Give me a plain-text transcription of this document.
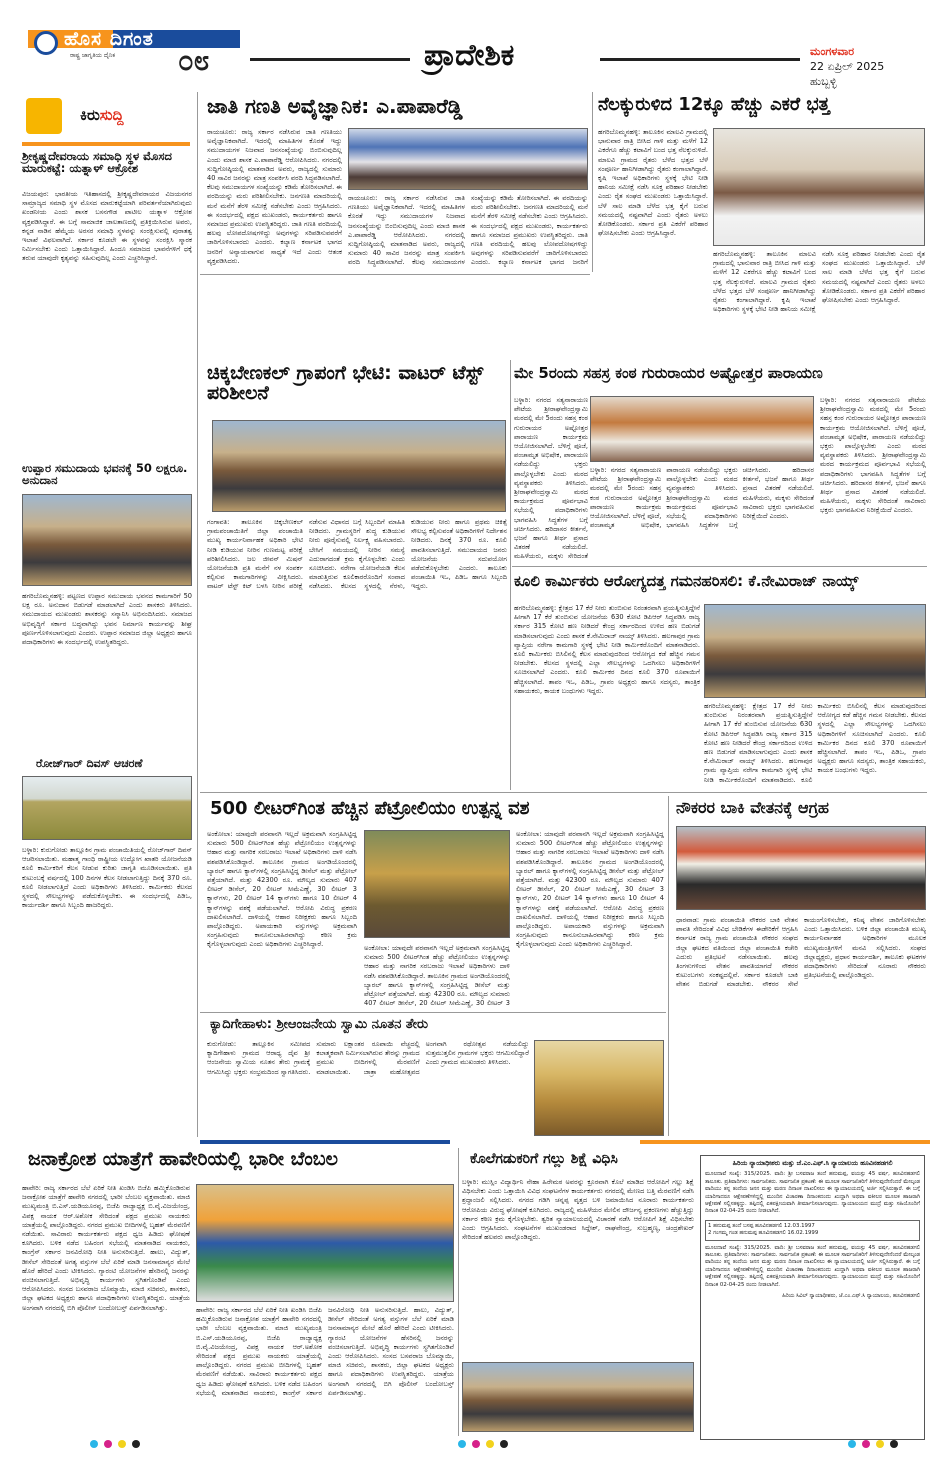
ಹೊಸ ದಿಗಂತ
ರಾಷ್ಟ್ರ ಜಾಗೃತಿಯ ದೈನಿಕ ೦೮	ಪ್ರಾದೇಶಿಕ	ಮಂಗಳವಾರ
22 ಏಪ್ರಿಲ್ 2025
ಹುಬ್ಬಳ್ಳಿ
ಕಿರುಸುದ್ದಿ
ಶ್ರೀಕೃಷ್ಣದೇವರಾಯ ಸಮಾಧಿ ಸ್ಥಳ ಮೊಸದ ಮಾರುಕಟ್ಟೆ: ಯತ್ನಾಳ್ ಆಕ್ರೋಶ
ವಿಜಯಪುರ: ಭಾರತೀಯ ಇತಿಹಾಸದಲ್ಲಿ ಶ್ರೀಕೃಷ್ಣದೇವರಾಯರ ವಿಜಯನಗರ ಸಾಮ್ರಾಜ್ಯದ ಸಮಾಧಿ ಸ್ಥಳ ಮೊಸದ ಮಾರುಕಟ್ಟೆಯಾಗಿ ಪರಿವರ್ತನೆಯಾಗಿರುವುದು ಖಂಡನೀಯ ಎಂದು ಶಾಸಕ ಬಸನಗೌಡ ಪಾಟೀಲ ಯತ್ನಾಳ ಆಕ್ರೋಶ ವ್ಯಕ್ತಪಡಿಸಿದ್ದಾರೆ. ಈ ಬಗ್ಗೆ ಸಾಮಾಜಿಕ ಜಾಲತಾಣದಲ್ಲಿ ಪ್ರತಿಕ್ರಿಯಿಸಿರುವ ಅವರು, ಕನ್ನಡ ನಾಡಿನ ಹೆಮ್ಮೆಯ ಅರಸರ ಸಮಾಧಿ ಸ್ಥಳವನ್ನು ಸಂರಕ್ಷಿಸುವಲ್ಲಿ ಪುರಾತತ್ವ ಇಲಾಖೆ ವಿಫಲವಾಗಿದೆ. ಸರ್ಕಾರ ಕೂಡಲೇ ಈ ಸ್ಥಳವನ್ನು ಸಂರಕ್ಷಿಸಿ ಸ್ಮಾರಕ ನಿರ್ಮಿಸಬೇಕು ಎಂದು ಒತ್ತಾಯಿಸಿದ್ದಾರೆ. ಹಿಂದೂ ಸಮಾಜದ ಭಾವನೆಗಳಿಗೆ ಧಕ್ಕೆ ತರುವ ಯಾವುದೇ ಕೃತ್ಯವನ್ನು ಸಹಿಸುವುದಿಲ್ಲ ಎಂದು ಎಚ್ಚರಿಸಿದ್ದಾರೆ.
ಉಪ್ಪಾರ ಸಮುದಾಯ ಭವನಕ್ಕೆ 50 ಲಕ್ಷರೂ. ಅನುದಾನ
ಹಗರಿಬೊಮ್ಮನಹಳ್ಳಿ: ಪಟ್ಟಣದ ಉಪ್ಪಾರ ಸಮುದಾಯ ಭವನದ ಕಾಮಗಾರಿಗೆ 50 ಲಕ್ಷ ರೂ. ಅನುದಾನ ಬಿಡುಗಡೆ ಮಾಡಲಾಗಿದೆ ಎಂದು ಶಾಸಕರು ತಿಳಿಸಿದರು. ಸಮುದಾಯದ ಮುಖಂಡರು ಶಾಸಕರನ್ನು ಸನ್ಮಾನಿಸಿ ಅಭಿನಂದಿಸಿದರು. ಸಮಾಜದ ಅಭಿವೃದ್ಧಿಗೆ ಸರ್ಕಾರ ಬದ್ಧವಾಗಿದ್ದು ಭವನ ನಿರ್ಮಾಣ ಕಾರ್ಯವನ್ನು ಶೀಘ್ರ ಪೂರ್ಣಗೊಳಿಸಲಾಗುವುದು ಎಂದರು. ಉಪ್ಪಾರ ಸಮಾಜದ ಜಿಲ್ಲಾ ಅಧ್ಯಕ್ಷರು ಹಾಗೂ ಪದಾಧಿಕಾರಿಗಳು ಈ ಸಂದರ್ಭದಲ್ಲಿ ಉಪಸ್ಥಿತರಿದ್ದರು.
ರೋಜ್‌ಗಾರ್ ದಿವಸ್ ಆಚರಣೆ
ಬಳ್ಳಾರಿ: ಕುರುಗೋಡು ತಾಲ್ಲೂಕಿನ ಗ್ರಾಮ ಪಂಚಾಯಿತಿಯಲ್ಲಿ ರೋಜ್‌ಗಾರ್ ದಿವಸ್ ಆಚರಿಸಲಾಯಿತು. ಮಹಾತ್ಮ ಗಾಂಧಿ ರಾಷ್ಟ್ರೀಯ ಉದ್ಯೋಗ ಖಾತರಿ ಯೋಜನೆಯಡಿ ಕೂಲಿ ಕಾರ್ಮಿಕರಿಗೆ ಕೆಲಸ ನೀಡುವ ಕುರಿತು ಜಾಗೃತಿ ಮೂಡಿಸಲಾಯಿತು. ಪ್ರತಿ ಕುಟುಂಬಕ್ಕೆ ವರ್ಷದಲ್ಲಿ 100 ದಿನಗಳ ಕೆಲಸ ನೀಡಲಾಗುತ್ತಿದ್ದು ದಿನಕ್ಕೆ 370 ರೂ. ಕೂಲಿ ನೀಡಲಾಗುತ್ತಿದೆ ಎಂದು ಅಧಿಕಾರಿಗಳು ತಿಳಿಸಿದರು. ಕಾರ್ಮಿಕರು ಕೆಲಸದ ಸ್ಥಳದಲ್ಲಿ ಸೌಲಭ್ಯಗಳನ್ನು ಪಡೆದುಕೊಳ್ಳಬೇಕು. ಈ ಸಂದರ್ಭದಲ್ಲಿ ಪಿಡಿಒ, ಕಾರ್ಯದರ್ಶಿ ಹಾಗೂ ಸಿಬ್ಬಂದಿ ಹಾಜರಿದ್ದರು.
ಜಾತಿ ಗಣತಿ ಅವೈಜ್ಞಾನಿಕ: ಎ.ಪಾಪಾರೆಡ್ಡಿ
ರಾಯಚೂರು: ರಾಜ್ಯ ಸರ್ಕಾರ ನಡೆಸಿರುವ ಜಾತಿ ಗಣತಿಯು ಅವೈಜ್ಞಾನಿಕವಾಗಿದೆ. ಇದರಲ್ಲಿ ಮಾಹಿತಿಗಳ ಕೊರತೆ ಇದ್ದು ಸಮುದಾಯಗಳ ನಿಜವಾದ ಜನಸಂಖ್ಯೆಯನ್ನು ಬಿಂಬಿಸುವುದಿಲ್ಲ ಎಂದು ಮಾಜಿ ಶಾಸಕ ಎ.ಪಾಪಾರೆಡ್ಡಿ ಆರೋಪಿಸಿದರು. ನಗರದಲ್ಲಿ ಸುದ್ದಿಗೋಷ್ಠಿಯಲ್ಲಿ ಮಾತನಾಡಿದ ಅವರು, ರಾಜ್ಯದಲ್ಲಿ ಸುಮಾರು 40 ಸಾವಿರ ಜನರನ್ನು ಮಾತ್ರ ಸಂಪರ್ಕಿಸಿ ವರದಿ ಸಿದ್ಧಪಡಿಸಲಾಗಿದೆ. ಕೆಲವು ಸಮುದಾಯಗಳ ಸಂಖ್ಯೆಯನ್ನು ಕಡಿಮೆ ತೋರಿಸಲಾಗಿದೆ. ಈ ವರದಿಯನ್ನು ಮರು ಪರಿಶೀಲಿಸಬೇಕು. ಜನಗಣತಿ ಮಾದರಿಯಲ್ಲಿ ಮನೆ ಮನೆಗೆ ತೆರಳಿ ಸಮೀಕ್ಷೆ ನಡೆಸಬೇಕು ಎಂದು ಆಗ್ರಹಿಸಿದರು. ಈ ಸಂದರ್ಭದಲ್ಲಿ ಪಕ್ಷದ ಮುಖಂಡರು, ಕಾರ್ಯಕರ್ತರು ಹಾಗೂ ಸಮಾಜದ ಪ್ರಮುಖರು ಉಪಸ್ಥಿತರಿದ್ದರು. ಜಾತಿ ಗಣತಿ ವರದಿಯಲ್ಲಿ ಹಲವು ಲೋಪದೋಷಗಳಿದ್ದು ಅವುಗಳನ್ನು ಸರಿಪಡಿಸುವವರೆಗೆ ಜಾರಿಗೊಳಿಸಬಾರದು ಎಂದರು. ಕಲ್ಯಾಣ ಕರ್ನಾಟಕ ಭಾಗದ ಜನರಿಗೆ ಅನ್ಯಾಯವಾಗುವ ಸಾಧ್ಯತೆ ಇದೆ ಎಂದು ಆತಂಕ ವ್ಯಕ್ತಪಡಿಸಿದರು.
ರಾಯಚೂರು: ರಾಜ್ಯ ಸರ್ಕಾರ ನಡೆಸಿರುವ ಜಾತಿ ಗಣತಿಯು ಅವೈಜ್ಞಾನಿಕವಾಗಿದೆ. ಇದರಲ್ಲಿ ಮಾಹಿತಿಗಳ ಕೊರತೆ ಇದ್ದು ಸಮುದಾಯಗಳ ನಿಜವಾದ ಜನಸಂಖ್ಯೆಯನ್ನು ಬಿಂಬಿಸುವುದಿಲ್ಲ ಎಂದು ಮಾಜಿ ಶಾಸಕ ಎ.ಪಾಪಾರೆಡ್ಡಿ ಆರೋಪಿಸಿದರು. ನಗರದಲ್ಲಿ ಸುದ್ದಿಗೋಷ್ಠಿಯಲ್ಲಿ ಮಾತನಾಡಿದ ಅವರು, ರಾಜ್ಯದಲ್ಲಿ ಸುಮಾರು 40 ಸಾವಿರ ಜನರನ್ನು ಮಾತ್ರ ಸಂಪರ್ಕಿಸಿ ವರದಿ ಸಿದ್ಧಪಡಿಸಲಾಗಿದೆ. ಕೆಲವು ಸಮುದಾಯಗಳ ಸಂಖ್ಯೆಯನ್ನು ಕಡಿಮೆ ತೋರಿಸಲಾಗಿದೆ. ಈ ವರದಿಯನ್ನು ಮರು ಪರಿಶೀಲಿಸಬೇಕು. ಜನಗಣತಿ ಮಾದರಿಯಲ್ಲಿ ಮನೆ ಮನೆಗೆ ತೆರಳಿ ಸಮೀಕ್ಷೆ ನಡೆಸಬೇಕು ಎಂದು ಆಗ್ರಹಿಸಿದರು. ಈ ಸಂದರ್ಭದಲ್ಲಿ ಪಕ್ಷದ ಮುಖಂಡರು, ಕಾರ್ಯಕರ್ತರು ಹಾಗೂ ಸಮಾಜದ ಪ್ರಮುಖರು ಉಪಸ್ಥಿತರಿದ್ದರು. ಜಾತಿ ಗಣತಿ ವರದಿಯಲ್ಲಿ ಹಲವು ಲೋಪದೋಷಗಳಿದ್ದು ಅವುಗಳನ್ನು ಸರಿಪಡಿಸುವವರೆಗೆ ಜಾರಿಗೊಳಿಸಬಾರದು ಎಂದರು. ಕಲ್ಯಾಣ ಕರ್ನಾಟಕ ಭಾಗದ ಜನರಿಗೆ
ನೆಲಕ್ಕುರುಳಿದ 12ಕ್ಕೂ ಹೆಚ್ಚು ಎಕರೆ ಭತ್ತ
ಹಗರಿಬೊಮ್ಮನಹಳ್ಳಿ: ತಾಲೂಕಿನ ಮಾಲವಿ ಗ್ರಾಮದಲ್ಲಿ ಭಾನುವಾರ ರಾತ್ರಿ ಬೀಸಿದ ಗಾಳಿ ಮತ್ತು ಮಳೆಗೆ 12 ಎಕರೆಗೂ ಹೆಚ್ಚು ಕಟಾವಿಗೆ ಬಂದ ಭತ್ತ ನೆಲಕ್ಕುರುಳಿದೆ. ಮಾಲವಿ ಗ್ರಾಮದ ರೈತರು ಬೆಳೆದ ಭತ್ತದ ಬೆಳೆ ಸಂಪೂರ್ಣ ಹಾನಿಗೀಡಾಗಿದ್ದು ರೈತರು ಕಂಗಾಲಾಗಿದ್ದಾರೆ. ಕೃಷಿ ಇಲಾಖೆ ಅಧಿಕಾರಿಗಳು ಸ್ಥಳಕ್ಕೆ ಭೇಟಿ ನೀಡಿ ಹಾನಿಯ ಸಮೀಕ್ಷೆ ನಡೆಸಿ ಸೂಕ್ತ ಪರಿಹಾರ ನೀಡಬೇಕು ಎಂದು ರೈತ ಸಂಘದ ಮುಖಂಡರು ಒತ್ತಾಯಿಸಿದ್ದಾರೆ. ಬೆಳೆ ಸಾಲ ಮಾಡಿ ಬೆಳೆದ ಭತ್ತ ಕೈಗೆ ಬರುವ ಸಮಯದಲ್ಲಿ ನಷ್ಟವಾಗಿದೆ ಎಂದು ರೈತರು ಅಳಲು ತೋಡಿಕೊಂಡರು. ಸರ್ಕಾರ ಪ್ರತಿ ಎಕರೆಗೆ ಪರಿಹಾರ ಘೋಷಿಸಬೇಕು ಎಂದು ಆಗ್ರಹಿಸಿದ್ದಾರೆ.
ಹಗರಿಬೊಮ್ಮನಹಳ್ಳಿ: ತಾಲೂಕಿನ ಮಾಲವಿ ಗ್ರಾಮದಲ್ಲಿ ಭಾನುವಾರ ರಾತ್ರಿ ಬೀಸಿದ ಗಾಳಿ ಮತ್ತು ಮಳೆಗೆ 12 ಎಕರೆಗೂ ಹೆಚ್ಚು ಕಟಾವಿಗೆ ಬಂದ ಭತ್ತ ನೆಲಕ್ಕುರುಳಿದೆ. ಮಾಲವಿ ಗ್ರಾಮದ ರೈತರು ಬೆಳೆದ ಭತ್ತದ ಬೆಳೆ ಸಂಪೂರ್ಣ ಹಾನಿಗೀಡಾಗಿದ್ದು ರೈತರು ಕಂಗಾಲಾಗಿದ್ದಾರೆ. ಕೃಷಿ ಇಲಾಖೆ ಅಧಿಕಾರಿಗಳು ಸ್ಥಳಕ್ಕೆ ಭೇಟಿ ನೀಡಿ ಹಾನಿಯ ಸಮೀಕ್ಷೆ ನಡೆಸಿ ಸೂಕ್ತ ಪರಿಹಾರ ನೀಡಬೇಕು ಎಂದು ರೈತ ಸಂಘದ ಮುಖಂಡರು ಒತ್ತಾಯಿಸಿದ್ದಾರೆ. ಬೆಳೆ ಸಾಲ ಮಾಡಿ ಬೆಳೆದ ಭತ್ತ ಕೈಗೆ ಬರುವ ಸಮಯದಲ್ಲಿ ನಷ್ಟವಾಗಿದೆ ಎಂದು ರೈತರು ಅಳಲು ತೋಡಿಕೊಂಡರು. ಸರ್ಕಾರ ಪ್ರತಿ ಎಕರೆಗೆ ಪರಿಹಾರ ಘೋಷಿಸಬೇಕು ಎಂದು ಆಗ್ರಹಿಸಿದ್ದಾರೆ.
ಚಿಕ್ಕಬೇಣಕಲ್ ಗ್ರಾಪಂಗೆ ಭೇಟಿ: ವಾಟರ್ ಟೆಸ್ಟ್ ಪರಿಶೀಲನೆ
ಗಂಗಾವತಿ: ತಾಲೂಕಿನ ಚಿಕ್ಕಬೇಣಕಲ್ ಗ್ರಾಮಪಂಚಾಯಿತಿಗೆ ಜಿಲ್ಲಾ ಪಂಚಾಯಿತಿ ಮುಖ್ಯ ಕಾರ್ಯನಿರ್ವಾಹಕ ಅಧಿಕಾರಿ ಭೇಟಿ ನೀಡಿ ಕುಡಿಯುವ ನೀರಿನ ಗುಣಮಟ್ಟ ಪರೀಕ್ಷೆ ಪರಿಶೀಲಿಸಿದರು. ಜಲ ಜೀವನ್ ಮಿಷನ್ ಯೋಜನೆಯಡಿ ಪ್ರತಿ ಮನೆಗೆ ನಳ ಸಂಪರ್ಕ ಕಲ್ಪಿಸುವ ಕಾಮಗಾರಿಗಳನ್ನು ವೀಕ್ಷಿಸಿದರು. ವಾಟರ್ ಟೆಸ್ಟ್ ಕಿಟ್ ಬಳಸಿ ನೀರಿನ ಪರೀಕ್ಷೆ ನಡೆಸುವ ವಿಧಾನದ ಬಗ್ಗೆ ಸಿಬ್ಬಂದಿಗೆ ಮಾಹಿತಿ ನೀಡಿದರು. ಗ್ರಾಮಸ್ಥರಿಗೆ ಶುದ್ಧ ಕುಡಿಯುವ ನೀರು ಪೂರೈಸುವಲ್ಲಿ ನಿರ್ಲಕ್ಷ್ಯ ವಹಿಸಬಾರದು. ಬೇಸಿಗೆ ಸಮಯದಲ್ಲಿ ನೀರಿನ ಸಮಸ್ಯೆ ಎದುರಾಗದಂತೆ ಕ್ರಮ ಕೈಗೊಳ್ಳಬೇಕು ಎಂದು ಸೂಚಿಸಿದರು. ನರೇಗಾ ಯೋಜನೆಯಡಿ ಕೆಲಸ ಮಾಡುತ್ತಿರುವ ಕೂಲಿಕಾರರೊಂದಿಗೆ ಸಂವಾದ ನಡೆಸಿದರು. ಕೆಲಸದ ಸ್ಥಳದಲ್ಲಿ ನೆರಳು, ಕುಡಿಯುವ ನೀರು ಹಾಗೂ ಪ್ರಥಮ ಚಿಕಿತ್ಸೆ ಸೌಲಭ್ಯ ಕಲ್ಪಿಸುವಂತೆ ಅಧಿಕಾರಿಗಳಿಗೆ ನಿರ್ದೇಶನ ನೀಡಿದರು. ದಿನಕ್ಕೆ 370 ರೂ. ಕೂಲಿ ಪಾವತಿಸಲಾಗುತ್ತಿದೆ. ಸಮುದಾಯದ ಜನರು ಯೋಜನೆಯ ಸದುಪಯೋಗ ಪಡೆದುಕೊಳ್ಳಬೇಕು ಎಂದರು. ತಾಲೂಕು ಪಂಚಾಯಿತಿ ಇಒ, ಪಿಡಿಒ ಹಾಗೂ ಸಿಬ್ಬಂದಿ ಇದ್ದರು.
ಮೇ 5ರಂದು ಸಹಸ್ರ ಕಂಠ ಗುರುರಾಯರ ಅಷ್ಟೋತ್ತರ ಪಾರಾಯಣ
ಬಳ್ಳಾರಿ: ನಗರದ ಸತ್ಯನಾರಾಯಣ ಪೇಟೆಯ ಶ್ರೀರಾಘವೇಂದ್ರಸ್ವಾಮಿ ಮಠದಲ್ಲಿ ಮೇ 5ರಂದು ಸಹಸ್ರ ಕಂಠ ಗುರುರಾಯರ ಅಷ್ಟೋತ್ತರ ಪಾರಾಯಣ ಕಾರ್ಯಕ್ರಮ ಆಯೋಜಿಸಲಾಗಿದೆ. ಬೆಳಿಗ್ಗೆ ಪೂಜೆ, ಪಂಚಾಮೃತ ಅಭಿಷೇಕ, ಪಾರಾಯಣ ನಡೆಯಲಿದ್ದು ಭಕ್ತರು ಪಾಲ್ಗೊಳ್ಳಬೇಕು ಎಂದು ಮಠದ ವ್ಯವಸ್ಥಾಪಕರು ತಿಳಿಸಿದರು. ಶ್ರೀರಾಘವೇಂದ್ರಸ್ವಾಮಿ ಮಠದ ಕಾರ್ಯಕ್ರಮದ ಪೂರ್ವಭಾವಿ ಸಭೆಯಲ್ಲಿ ಪದಾಧಿಕಾರಿಗಳು ಭಾಗವಹಿಸಿ ಸಿದ್ಧತೆಗಳ ಬಗ್ಗೆ ಚರ್ಚಿಸಿದರು. ಹರಿದಾಸರ ಕೀರ್ತನೆ, ಭಜನೆ ಹಾಗೂ ತೀರ್ಥ ಪ್ರಸಾದ ವಿತರಣೆ ನಡೆಯಲಿದೆ. ಮಹಿಳೆಯರು, ಮಕ್ಕಳು ಸೇರಿದಂತೆ
ಬಳ್ಳಾರಿ: ನಗರದ ಸತ್ಯನಾರಾಯಣ ಪೇಟೆಯ ಶ್ರೀರಾಘವೇಂದ್ರಸ್ವಾಮಿ ಮಠದಲ್ಲಿ ಮೇ 5ರಂದು ಸಹಸ್ರ ಕಂಠ ಗುರುರಾಯರ ಅಷ್ಟೋತ್ತರ ಪಾರಾಯಣ ಕಾರ್ಯಕ್ರಮ ಆಯೋಜಿಸಲಾಗಿದೆ. ಬೆಳಿಗ್ಗೆ ಪೂಜೆ, ಪಂಚಾಮೃತ ಅಭಿಷೇಕ, ಪಾರಾಯಣ ನಡೆಯಲಿದ್ದು ಭಕ್ತರು ಪಾಲ್ಗೊಳ್ಳಬೇಕು ಎಂದು ಮಠದ ವ್ಯವಸ್ಥಾಪಕರು ತಿಳಿಸಿದರು. ಶ್ರೀರಾಘವೇಂದ್ರಸ್ವಾಮಿ ಮಠದ ಕಾರ್ಯಕ್ರಮದ ಪೂರ್ವಭಾವಿ ಸಭೆಯಲ್ಲಿ ಪದಾಧಿಕಾರಿಗಳು ಭಾಗವಹಿಸಿ ಸಿದ್ಧತೆಗಳ ಬಗ್ಗೆ ಚರ್ಚಿಸಿದರು. ಹರಿದಾಸರ ಕೀರ್ತನೆ, ಭಜನೆ ಹಾಗೂ ತೀರ್ಥ ಪ್ರಸಾದ ವಿತರಣೆ ನಡೆಯಲಿದೆ. ಮಹಿಳೆಯರು, ಮಕ್ಕಳು ಸೇರಿದಂತೆ ಸಾವಿರಾರು ಭಕ್ತರು ಭಾಗವಹಿಸುವ ನಿರೀಕ್ಷೆಯಿದೆ ಎಂದರು.
ಬಳ್ಳಾರಿ: ನಗರದ ಸತ್ಯನಾರಾಯಣ ಪೇಟೆಯ ಶ್ರೀರಾಘವೇಂದ್ರಸ್ವಾಮಿ ಮಠದಲ್ಲಿ ಮೇ 5ರಂದು ಸಹಸ್ರ ಕಂಠ ಗುರುರಾಯರ ಅಷ್ಟೋತ್ತರ ಪಾರಾಯಣ ಕಾರ್ಯಕ್ರಮ ಆಯೋಜಿಸಲಾಗಿದೆ. ಬೆಳಿಗ್ಗೆ ಪೂಜೆ, ಪಂಚಾಮೃತ ಅಭಿಷೇಕ, ಪಾರಾಯಣ ನಡೆಯಲಿದ್ದು ಭಕ್ತರು ಪಾಲ್ಗೊಳ್ಳಬೇಕು ಎಂದು ಮಠದ ವ್ಯವಸ್ಥಾಪಕರು ತಿಳಿಸಿದರು. ಶ್ರೀರಾಘವೇಂದ್ರಸ್ವಾಮಿ ಮಠದ ಕಾರ್ಯಕ್ರಮದ ಪೂರ್ವಭಾವಿ ಸಭೆಯಲ್ಲಿ ಪದಾಧಿಕಾರಿಗಳು ಭಾಗವಹಿಸಿ ಸಿದ್ಧತೆಗಳ ಬಗ್ಗೆ ಚರ್ಚಿಸಿದರು. ಹರಿದಾಸರ ಕೀರ್ತನೆ, ಭಜನೆ ಹಾಗೂ ತೀರ್ಥ ಪ್ರಸಾದ ವಿತರಣೆ ನಡೆಯಲಿದೆ. ಮಹಿಳೆಯರು, ಮಕ್ಕಳು ಸೇರಿದಂತೆ ಸಾವಿರಾರು ಭಕ್ತರು ಭಾಗವಹಿಸುವ ನಿರೀಕ್ಷೆಯಿದೆ ಎಂದರು.
ಕೂಲಿ ಕಾರ್ಮಿಕರು ಆರೋಗ್ಯದತ್ತ ಗಮನಹರಿಸಲಿ: ಕೆ.ನೇಮಿರಾಜ್ ನಾಯ್ಕ್
ಹಗರಿಬೊಮ್ಮನಹಳ್ಳಿ: ಕ್ಷೇತ್ರದ 17 ಕೆರೆ ನೀರು ತುಂಬಿಸುವ ನಿರಂತರವಾಗಿ ಪ್ರಯತ್ನಿಸುತ್ತಿದ್ದೇನೆ ಹೀಗಾಗಿ 17 ಕೆರೆ ತುಂಬಿಸುವ ಯೋಜನೆಯ 630 ಕೋಟಿ ಡಿಪಿಆರ್ ಸಿದ್ಧಪಡಿಸಿ ರಾಜ್ಯ ಸರ್ಕಾರ 315 ಕೋಟಿ ಹಣ ನೀಡಿದರೆ ಕೇಂದ್ರ ಸರ್ಕಾರದಿಂದ ಉಳಿದ ಹಣ ಬಿಡುಗಡೆ ಮಾಡಿಸಲಾಗುವುದು ಎಂದು ಶಾಸಕ ಕೆ.ನೇಮಿರಾಜ್ ನಾಯ್ಕ್ ತಿಳಿಸಿದರು. ಹಲಗಾಪುರ ಗ್ರಾಮ ವ್ಯಾಪ್ತಿಯ ನರೇಗಾ ಕಾಮಗಾರಿ ಸ್ಥಳಕ್ಕೆ ಭೇಟಿ ನೀಡಿ ಕಾರ್ಮಿಕರೊಂದಿಗೆ ಮಾತನಾಡಿದರು. ಕೂಲಿ ಕಾರ್ಮಿಕರು ಬಿಸಿಲಿನಲ್ಲಿ ಕೆಲಸ ಮಾಡುವುದರಿಂದ ಆರೋಗ್ಯದ ಕಡೆ ಹೆಚ್ಚಿನ ಗಮನ ನೀಡಬೇಕು. ಕೆಲಸದ ಸ್ಥಳದಲ್ಲಿ ಎಲ್ಲಾ ಸೌಲಭ್ಯಗಳನ್ನು ಒದಗಿಸಲು ಅಧಿಕಾರಿಗಳಿಗೆ ಸೂಚಿಸಲಾಗಿದೆ ಎಂದರು. ಕೂಲಿ ಕಾರ್ಮಿಕರ ದಿನದ ಕೂಲಿ 370 ರೂಪಾಯಿಗೆ ಹೆಚ್ಚಿಸಲಾಗಿದೆ. ತಾಪಂ ಇಒ, ಪಿಡಿಒ, ಗ್ರಾಪಂ ಅಧ್ಯಕ್ಷರು ಹಾಗೂ ಸದಸ್ಯರು, ತಾಂತ್ರಿಕ ಸಹಾಯಕರು, ಕಾಯಕ ಬಂಧುಗಳು ಇದ್ದರು.
ಹಗರಿಬೊಮ್ಮನಹಳ್ಳಿ: ಕ್ಷೇತ್ರದ 17 ಕೆರೆ ನೀರು ತುಂಬಿಸುವ ನಿರಂತರವಾಗಿ ಪ್ರಯತ್ನಿಸುತ್ತಿದ್ದೇನೆ ಹೀಗಾಗಿ 17 ಕೆರೆ ತುಂಬಿಸುವ ಯೋಜನೆಯ 630 ಕೋಟಿ ಡಿಪಿಆರ್ ಸಿದ್ಧಪಡಿಸಿ ರಾಜ್ಯ ಸರ್ಕಾರ 315 ಕೋಟಿ ಹಣ ನೀಡಿದರೆ ಕೇಂದ್ರ ಸರ್ಕಾರದಿಂದ ಉಳಿದ ಹಣ ಬಿಡುಗಡೆ ಮಾಡಿಸಲಾಗುವುದು ಎಂದು ಶಾಸಕ ಕೆ.ನೇಮಿರಾಜ್ ನಾಯ್ಕ್ ತಿಳಿಸಿದರು. ಹಲಗಾಪುರ ಗ್ರಾಮ ವ್ಯಾಪ್ತಿಯ ನರೇಗಾ ಕಾಮಗಾರಿ ಸ್ಥಳಕ್ಕೆ ಭೇಟಿ ನೀಡಿ ಕಾರ್ಮಿಕರೊಂದಿಗೆ ಮಾತನಾಡಿದರು. ಕೂಲಿ ಕಾರ್ಮಿಕರು ಬಿಸಿಲಿನಲ್ಲಿ ಕೆಲಸ ಮಾಡುವುದರಿಂದ ಆರೋಗ್ಯದ ಕಡೆ ಹೆಚ್ಚಿನ ಗಮನ ನೀಡಬೇಕು. ಕೆಲಸದ ಸ್ಥಳದಲ್ಲಿ ಎಲ್ಲಾ ಸೌಲಭ್ಯಗಳನ್ನು ಒದಗಿಸಲು ಅಧಿಕಾರಿಗಳಿಗೆ ಸೂಚಿಸಲಾಗಿದೆ ಎಂದರು. ಕೂಲಿ ಕಾರ್ಮಿಕರ ದಿನದ ಕೂಲಿ 370 ರೂಪಾಯಿಗೆ ಹೆಚ್ಚಿಸಲಾಗಿದೆ. ತಾಪಂ ಇಒ, ಪಿಡಿಒ, ಗ್ರಾಪಂ ಅಧ್ಯಕ್ಷರು ಹಾಗೂ ಸದಸ್ಯರು, ತಾಂತ್ರಿಕ ಸಹಾಯಕರು, ಕಾಯಕ ಬಂಧುಗಳು ಇದ್ದರು.
500 ಲೀಟರ್‌ಗಿಂತ ಹೆಚ್ಚಿನ ಪೆಟ್ರೋಲಿಯಂ ಉತ್ಪನ್ನ ವಶ
ಅಂಕೋಲಾ: ಯಾವುದೇ ಪರವಾನಗಿ ಇಲ್ಲದೆ ಅಕ್ರಮವಾಗಿ ಸಂಗ್ರಹಿಸಿಟ್ಟಿದ್ದ ಸುಮಾರು 500 ಲೀಟರ್‌ಗಿಂತ ಹೆಚ್ಚು ಪೆಟ್ರೋಲಿಯಂ ಉತ್ಪನ್ನಗಳನ್ನು ಆಹಾರ ಮತ್ತು ನಾಗರಿಕ ಸರಬರಾಜು ಇಲಾಖೆ ಅಧಿಕಾರಿಗಳು ದಾಳಿ ನಡೆಸಿ ವಶಪಡಿಸಿಕೊಂಡಿದ್ದಾರೆ. ತಾಲೂಕಿನ ಗ್ರಾಮದ ಅಂಗಡಿಯೊಂದರಲ್ಲಿ ಬ್ಯಾರಲ್ ಹಾಗೂ ಕ್ಯಾನ್‌ಗಳಲ್ಲಿ ಸಂಗ್ರಹಿಸಿಟ್ಟಿದ್ದ ಡೀಸೆಲ್ ಮತ್ತು ಪೆಟ್ರೋಲ್ ಪತ್ತೆಯಾಗಿದೆ. ಮತ್ತು 42300 ರೂ. ಮೌಲ್ಯದ ಸುಮಾರು 407 ಲೀಟರ್ ಡೀಸೆಲ್, 20 ಲೀಟರ್ ಸೀಮೆಎಣ್ಣೆ, 30 ಲೀಟರ್ 3 ಕ್ಯಾನ್‌ಗಳು, 20 ಲೀಟರ್ 14 ಕ್ಯಾನ್‌ಗಳು ಹಾಗೂ 10 ಲೀಟರ್ 4 ಕ್ಯಾನ್‌ಗಳನ್ನು ವಶಕ್ಕೆ ಪಡೆಯಲಾಗಿದೆ. ಆರೋಪಿ ವಿರುದ್ಧ ಪ್ರಕರಣ ದಾಖಲಿಸಲಾಗಿದೆ. ದಾಳಿಯಲ್ಲಿ ಆಹಾರ ನಿರೀಕ್ಷಕರು ಹಾಗೂ ಸಿಬ್ಬಂದಿ ಪಾಲ್ಗೊಂಡಿದ್ದರು. ಅಪಾಯಕಾರಿ ವಸ್ತುಗಳನ್ನು ಅಕ್ರಮವಾಗಿ ಸಂಗ್ರಹಿಸುವುದು ಕಾನೂನುಬಾಹಿರವಾಗಿದ್ದು ಕಠಿಣ ಕ್ರಮ ಕೈಗೊಳ್ಳಲಾಗುವುದು ಎಂದು ಅಧಿಕಾರಿಗಳು ಎಚ್ಚರಿಸಿದ್ದಾರೆ.	ಅಂಕೋಲಾ: ಯಾವುದೇ ಪರವಾನಗಿ ಇಲ್ಲದೆ ಅಕ್ರಮವಾಗಿ ಸಂಗ್ರಹಿಸಿಟ್ಟಿದ್ದ ಸುಮಾರು 500 ಲೀಟರ್‌ಗಿಂತ ಹೆಚ್ಚು ಪೆಟ್ರೋಲಿಯಂ ಉತ್ಪನ್ನಗಳನ್ನು ಆಹಾರ ಮತ್ತು ನಾಗರಿಕ ಸರಬರಾಜು ಇಲಾಖೆ ಅಧಿಕಾರಿಗಳು ದಾಳಿ ನಡೆಸಿ ವಶಪಡಿಸಿಕೊಂಡಿದ್ದಾರೆ. ತಾಲೂಕಿನ ಗ್ರಾಮದ ಅಂಗಡಿಯೊಂದರಲ್ಲಿ ಬ್ಯಾರಲ್ ಹಾಗೂ ಕ್ಯಾನ್‌ಗಳಲ್ಲಿ ಸಂಗ್ರಹಿಸಿಟ್ಟಿದ್ದ ಡೀಸೆಲ್ ಮತ್ತು ಪೆಟ್ರೋಲ್ ಪತ್ತೆಯಾಗಿದೆ. ಮತ್ತು 42300 ರೂ. ಮೌಲ್ಯದ ಸುಮಾರು 407 ಲೀಟರ್ ಡೀಸೆಲ್, 20 ಲೀಟರ್ ಸೀಮೆಎಣ್ಣೆ, 30 ಲೀಟರ್ 3
ಅಂಕೋಲಾ: ಯಾವುದೇ ಪರವಾನಗಿ ಇಲ್ಲದೆ ಅಕ್ರಮವಾಗಿ ಸಂಗ್ರಹಿಸಿಟ್ಟಿದ್ದ ಸುಮಾರು 500 ಲೀಟರ್‌ಗಿಂತ ಹೆಚ್ಚು ಪೆಟ್ರೋಲಿಯಂ ಉತ್ಪನ್ನಗಳನ್ನು ಆಹಾರ ಮತ್ತು ನಾಗರಿಕ ಸರಬರಾಜು ಇಲಾಖೆ ಅಧಿಕಾರಿಗಳು ದಾಳಿ ನಡೆಸಿ ವಶಪಡಿಸಿಕೊಂಡಿದ್ದಾರೆ. ತಾಲೂಕಿನ ಗ್ರಾಮದ ಅಂಗಡಿಯೊಂದರಲ್ಲಿ ಬ್ಯಾರಲ್ ಹಾಗೂ ಕ್ಯಾನ್‌ಗಳಲ್ಲಿ ಸಂಗ್ರಹಿಸಿಟ್ಟಿದ್ದ ಡೀಸೆಲ್ ಮತ್ತು ಪೆಟ್ರೋಲ್ ಪತ್ತೆಯಾಗಿದೆ. ಮತ್ತು 42300 ರೂ. ಮೌಲ್ಯದ ಸುಮಾರು 407 ಲೀಟರ್ ಡೀಸೆಲ್, 20 ಲೀಟರ್ ಸೀಮೆಎಣ್ಣೆ, 30 ಲೀಟರ್ 3 ಕ್ಯಾನ್‌ಗಳು, 20 ಲೀಟರ್ 14 ಕ್ಯಾನ್‌ಗಳು ಹಾಗೂ 10 ಲೀಟರ್ 4 ಕ್ಯಾನ್‌ಗಳನ್ನು ವಶಕ್ಕೆ ಪಡೆಯಲಾಗಿದೆ. ಆರೋಪಿ ವಿರುದ್ಧ ಪ್ರಕರಣ ದಾಖಲಿಸಲಾಗಿದೆ. ದಾಳಿಯಲ್ಲಿ ಆಹಾರ ನಿರೀಕ್ಷಕರು ಹಾಗೂ ಸಿಬ್ಬಂದಿ ಪಾಲ್ಗೊಂಡಿದ್ದರು. ಅಪಾಯಕಾರಿ ವಸ್ತುಗಳನ್ನು ಅಕ್ರಮವಾಗಿ ಸಂಗ್ರಹಿಸುವುದು ಕಾನೂನುಬಾಹಿರವಾಗಿದ್ದು ಕಠಿಣ ಕ್ರಮ ಕೈಗೊಳ್ಳಲಾಗುವುದು ಎಂದು ಅಧಿಕಾರಿಗಳು ಎಚ್ಚರಿಸಿದ್ದಾರೆ.
ನೌಕರರ ಬಾಕಿ ವೇತನಕ್ಕೆ ಆಗ್ರಹ
ಧಾರವಾಡ: ಗ್ರಾಮ ಪಂಚಾಯಿತಿ ನೌಕರರ ಬಾಕಿ ವೇತನ ಪಾವತಿ ಸೇರಿದಂತೆ ವಿವಿಧ ಬೇಡಿಕೆಗಳ ಈಡೇರಿಕೆಗೆ ಆಗ್ರಹಿಸಿ ಕರ್ನಾಟಕ ರಾಜ್ಯ ಗ್ರಾಮ ಪಂಚಾಯಿತಿ ನೌಕರರ ಸಂಘದ ಜಿಲ್ಲಾ ಘಟಕದ ವತಿಯಿಂದ ಜಿಲ್ಲಾ ಪಂಚಾಯಿತಿ ಕಚೇರಿ ಎದುರು ಪ್ರತಿಭಟನೆ ನಡೆಸಲಾಯಿತು. ಹಲವು ತಿಂಗಳುಗಳಿಂದ ವೇತನ ಪಾವತಿಯಾಗದೆ ನೌಕರರ ಕುಟುಂಬಗಳು ಸಂಕಷ್ಟದಲ್ಲಿವೆ. ಸರ್ಕಾರ ಕೂಡಲೇ ಬಾಕಿ ವೇತನ ಬಿಡುಗಡೆ ಮಾಡಬೇಕು. ನೌಕರರ ಸೇವೆ ಕಾಯಂಗೊಳಿಸಬೇಕು, ಕನಿಷ್ಠ ವೇತನ ಜಾರಿಗೊಳಿಸಬೇಕು ಎಂದು ಒತ್ತಾಯಿಸಿದರು. ಬಳಿಕ ಜಿಲ್ಲಾ ಪಂಚಾಯಿತಿ ಮುಖ್ಯ ಕಾರ್ಯನಿರ್ವಾಹಕ ಅಧಿಕಾರಿಗಳ ಮೂಲಕ ಮುಖ್ಯಮಂತ್ರಿಗಳಿಗೆ ಮನವಿ ಸಲ್ಲಿಸಿದರು. ಸಂಘದ ಜಿಲ್ಲಾಧ್ಯಕ್ಷರು, ಪ್ರಧಾನ ಕಾರ್ಯದರ್ಶಿ, ತಾಲೂಕು ಘಟಕಗಳ ಪದಾಧಿಕಾರಿಗಳು ಸೇರಿದಂತೆ ನೂರಾರು ನೌಕರರು ಪ್ರತಿಭಟನೆಯಲ್ಲಿ ಪಾಲ್ಗೊಂಡಿದ್ದರು.
ಕ್ಯಾದಿಗೇಹಾಳು: ಶ್ರೀಆಂಜನೇಯ ಸ್ವಾಮಿ ನೂತನ ತೇರು
ಕುರುಗೋಡು: ತಾಲ್ಲೂಕಿನ ಸಮೀಪದ ಕ್ಯಾದಿಗೇಹಾಳು ಗ್ರಾಮದ ಆರಾಧ್ಯ ದೈವ ಶ್ರೀ ಆಂಜನೇಯ ಸ್ವಾಮಿಯ ನೂತನ ತೇರು ಗ್ರಾಮಕ್ಕೆ ಆಗಮಿಸಿದ್ದು ಭಕ್ತರು ಸಂಭ್ರಮದಿಂದ ಸ್ವಾಗತಿಸಿದರು. ಸುಮಾರು ಲಕ್ಷಾಂತರ ರೂಪಾಯಿ ವೆಚ್ಚದಲ್ಲಿ ಕಲಾತ್ಮಕವಾಗಿ ನಿರ್ಮಿಸಲಾಗಿರುವ ತೇರನ್ನು ಗ್ರಾಮದ ಪ್ರಮುಖ ಬೀದಿಗಳಲ್ಲಿ ಮೆರವಣಿಗೆ ಮಾಡಲಾಯಿತು. ಜಾತ್ರಾ ಮಹೋತ್ಸವದ ಅಂಗವಾಗಿ ರಥೋತ್ಸವ ನಡೆಯಲಿದ್ದು ಸುತ್ತಮುತ್ತಲಿನ ಗ್ರಾಮಗಳ ಭಕ್ತರು ಆಗಮಿಸಲಿದ್ದಾರೆ ಎಂದು ಗ್ರಾಮದ ಮುಖಂಡರು ತಿಳಿಸಿದರು.
ಜನಾಕ್ರೋಶ ಯಾತ್ರೆಗೆ ಹಾವೇರಿಯಲ್ಲಿ ಭಾರೀ ಬೆಂಬಲ
ಹಾವೇರಿ: ರಾಜ್ಯ ಸರ್ಕಾರದ ಬೆಲೆ ಏರಿಕೆ ನೀತಿ ಖಂಡಿಸಿ ಬಿಜೆಪಿ ಹಮ್ಮಿಕೊಂಡಿರುವ ಜನಾಕ್ರೋಶ ಯಾತ್ರೆಗೆ ಹಾವೇರಿ ನಗರದಲ್ಲಿ ಭಾರೀ ಬೆಂಬಲ ವ್ಯಕ್ತವಾಯಿತು. ಮಾಜಿ ಮುಖ್ಯಮಂತ್ರಿ ಬಿ.ಎಸ್.ಯಡಿಯೂರಪ್ಪ, ಬಿಜೆಪಿ ರಾಜ್ಯಾಧ್ಯಕ್ಷ ಬಿ.ವೈ.ವಿಜಯೇಂದ್ರ, ವಿಪಕ್ಷ ನಾಯಕ ಆರ್.ಅಶೋಕ ಸೇರಿದಂತೆ ಪಕ್ಷದ ಪ್ರಮುಖ ನಾಯಕರು ಯಾತ್ರೆಯಲ್ಲಿ ಪಾಲ್ಗೊಂಡಿದ್ದರು. ನಗರದ ಪ್ರಮುಖ ಬೀದಿಗಳಲ್ಲಿ ಬೃಹತ್ ಮೆರವಣಿಗೆ ನಡೆಯಿತು. ಸಾವಿರಾರು ಕಾರ್ಯಕರ್ತರು ಪಕ್ಷದ ಧ್ವಜ ಹಿಡಿದು ಘೋಷಣೆ ಕೂಗಿದರು. ಬಳಿಕ ನಡೆದ ಬಹಿರಂಗ ಸಭೆಯಲ್ಲಿ ಮಾತನಾಡಿದ ನಾಯಕರು, ಕಾಂಗ್ರೆಸ್ ಸರ್ಕಾರ ಜನವಿರೋಧಿ ನೀತಿ ಅನುಸರಿಸುತ್ತಿದೆ. ಹಾಲು, ವಿದ್ಯುತ್, ಡೀಸೆಲ್ ಸೇರಿದಂತೆ ಅಗತ್ಯ ವಸ್ತುಗಳ ಬೆಲೆ ಏರಿಕೆ ಮಾಡಿ ಜನಸಾಮಾನ್ಯರ ಮೇಲೆ ಹೊರೆ ಹೇರಿದೆ ಎಂದು ಟೀಕಿಸಿದರು. ಗ್ಯಾರಂಟಿ ಯೋಜನೆಗಳ ಹೆಸರಿನಲ್ಲಿ ಜನರನ್ನು ವಂಚಿಸಲಾಗುತ್ತಿದೆ. ಅಭಿವೃದ್ಧಿ ಕಾರ್ಯಗಳು ಸ್ಥಗಿತಗೊಂಡಿವೆ ಎಂದು ಆರೋಪಿಸಿದರು. ಸಂಸದ ಬಸವರಾಜ ಬೊಮ್ಮಾಯಿ, ಮಾಜಿ ಸಚಿವರು, ಶಾಸಕರು, ಜಿಲ್ಲಾ ಘಟಕದ ಅಧ್ಯಕ್ಷರು ಹಾಗೂ ಪದಾಧಿಕಾರಿಗಳು ಉಪಸ್ಥಿತರಿದ್ದರು. ಯಾತ್ರೆಯ ಅಂಗವಾಗಿ ನಗರದಲ್ಲಿ ಬಿಗಿ ಪೊಲೀಸ್ ಬಂದೋಬಸ್ತ್ ಏರ್ಪಡಿಸಲಾಗಿತ್ತು.	ಹಾವೇರಿ: ರಾಜ್ಯ ಸರ್ಕಾರದ ಬೆಲೆ ಏರಿಕೆ ನೀತಿ ಖಂಡಿಸಿ ಬಿಜೆಪಿ ಹಮ್ಮಿಕೊಂಡಿರುವ ಜನಾಕ್ರೋಶ ಯಾತ್ರೆಗೆ ಹಾವೇರಿ ನಗರದಲ್ಲಿ ಭಾರೀ ಬೆಂಬಲ ವ್ಯಕ್ತವಾಯಿತು. ಮಾಜಿ ಮುಖ್ಯಮಂತ್ರಿ ಬಿ.ಎಸ್.ಯಡಿಯೂರಪ್ಪ, ಬಿಜೆಪಿ ರಾಜ್ಯಾಧ್ಯಕ್ಷ ಬಿ.ವೈ.ವಿಜಯೇಂದ್ರ, ವಿಪಕ್ಷ ನಾಯಕ ಆರ್.ಅಶೋಕ ಸೇರಿದಂತೆ ಪಕ್ಷದ ಪ್ರಮುಖ ನಾಯಕರು ಯಾತ್ರೆಯಲ್ಲಿ ಪಾಲ್ಗೊಂಡಿದ್ದರು. ನಗರದ ಪ್ರಮುಖ ಬೀದಿಗಳಲ್ಲಿ ಬೃಹತ್ ಮೆರವಣಿಗೆ ನಡೆಯಿತು. ಸಾವಿರಾರು ಕಾರ್ಯಕರ್ತರು ಪಕ್ಷದ ಧ್ವಜ ಹಿಡಿದು ಘೋಷಣೆ ಕೂಗಿದರು. ಬಳಿಕ ನಡೆದ ಬಹಿರಂಗ ಸಭೆಯಲ್ಲಿ ಮಾತನಾಡಿದ ನಾಯಕರು, ಕಾಂಗ್ರೆಸ್ ಸರ್ಕಾರ ಜನವಿರೋಧಿ ನೀತಿ ಅನುಸರಿಸುತ್ತಿದೆ. ಹಾಲು, ವಿದ್ಯುತ್, ಡೀಸೆಲ್ ಸೇರಿದಂತೆ ಅಗತ್ಯ ವಸ್ತುಗಳ ಬೆಲೆ ಏರಿಕೆ ಮಾಡಿ ಜನಸಾಮಾನ್ಯರ ಮೇಲೆ ಹೊರೆ ಹೇರಿದೆ ಎಂದು ಟೀಕಿಸಿದರು. ಗ್ಯಾರಂಟಿ ಯೋಜನೆಗಳ ಹೆಸರಿನಲ್ಲಿ ಜನರನ್ನು ವಂಚಿಸಲಾಗುತ್ತಿದೆ. ಅಭಿವೃದ್ಧಿ ಕಾರ್ಯಗಳು ಸ್ಥಗಿತಗೊಂಡಿವೆ ಎಂದು ಆರೋಪಿಸಿದರು. ಸಂಸದ ಬಸವರಾಜ ಬೊಮ್ಮಾಯಿ, ಮಾಜಿ ಸಚಿವರು, ಶಾಸಕರು, ಜಿಲ್ಲಾ ಘಟಕದ ಅಧ್ಯಕ್ಷರು ಹಾಗೂ ಪದಾಧಿಕಾರಿಗಳು ಉಪಸ್ಥಿತರಿದ್ದರು. ಯಾತ್ರೆಯ ಅಂಗವಾಗಿ ನಗರದಲ್ಲಿ ಬಿಗಿ ಪೊಲೀಸ್ ಬಂದೋಬಸ್ತ್ ಏರ್ಪಡಿಸಲಾಗಿತ್ತು.
ಕೊಲೆಗಡುಕರಿಗೆ ಗಲ್ಲು ಶಿಕ್ಷೆ ವಿಧಿಸಿ
ಬಳ್ಳಾರಿ: ಮುಸ್ಲಿಂ ವಿದ್ಯಾರ್ಥಿನಿ ನೇಹಾ ಹಿರೇಮಠ ಅವರನ್ನು ಕ್ರೂರವಾಗಿ ಕೊಲೆ ಮಾಡಿದ ಆರೋಪಿಗೆ ಗಲ್ಲು ಶಿಕ್ಷೆ ವಿಧಿಸಬೇಕು ಎಂದು ಒತ್ತಾಯಿಸಿ ವಿವಿಧ ಸಂಘಟನೆಗಳ ಕಾರ್ಯಕರ್ತರು ನಗರದಲ್ಲಿ ಮೇಣದ ಬತ್ತಿ ಮೆರವಣಿಗೆ ನಡೆಸಿ ಶ್ರದ್ಧಾಂಜಲಿ ಸಲ್ಲಿಸಿದರು. ನಗರದ ಗಡಿಗಿ ಚನ್ನಪ್ಪ ವೃತ್ತದ ಬಳಿ ಜಮಾಯಿಸಿದ ನೂರಾರು ಕಾರ್ಯಕರ್ತರು ಆರೋಪಿಯ ವಿರುದ್ಧ ಘೋಷಣೆ ಕೂಗಿದರು. ರಾಜ್ಯದಲ್ಲಿ ಮಹಿಳೆಯರ ಮೇಲಿನ ದೌರ್ಜನ್ಯ ಪ್ರಕರಣಗಳು ಹೆಚ್ಚುತ್ತಿದ್ದು ಸರ್ಕಾರ ಕಠಿಣ ಕ್ರಮ ಕೈಗೊಳ್ಳಬೇಕು. ತ್ವರಿತ ನ್ಯಾಯಾಲಯದಲ್ಲಿ ವಿಚಾರಣೆ ನಡೆಸಿ ಆರೋಪಿಗೆ ಶಿಕ್ಷೆ ವಿಧಿಸಬೇಕು ಎಂದು ಆಗ್ರಹಿಸಿದರು. ಸಂಘಟನೆಗಳ ಮುಖಂಡರಾದ ಸಿದ್ದೇಶ್, ರಾಘವೇಂದ್ರ, ಸುಬ್ರಹ್ಮಣ್ಯ, ಚಂದ್ರಶೇಖರ್ ಸೇರಿದಂತೆ ಹಲವರು ಪಾಲ್ಗೊಂಡಿದ್ದರು.
ಹಿರಿಯ ನ್ಯಾಯಾಧೀಶರು ಮತ್ತು ಜೆ.ಎಂ.ಎಫ್.ಸಿ ನ್ಯಾಯಾಲಯ ಹೂವಿನಹಡಗಲಿ
ಮೂಲದಾವೆ ಸಂಖ್ಯೆ: 315/2025. ವಾದಿ: ಶ್ರೀ ಬಸವರಾಜ ತಂದೆ ಹನುಮಪ್ಪ, ವಯಸ್ಸು 45 ವರ್ಷ, ಹೂವಿನಹಡಗಲಿ ತಾಲೂಕು. ಪ್ರತಿವಾದಿಗಳು: ಸಾರ್ವಜನಿಕರು. ಸಾರ್ವಜನಿಕ ಪ್ರಕಟಣೆ: ಈ ಮೂಲಕ ಸಾರ್ವಜನಿಕರಿಗೆ ತಿಳಿಸುವುದೇನೆಂದರೆ ಮೇಲ್ಕಂಡ ವಾದಿಯು ತನ್ನ ತಂದೆಯ ಜನನ ಮತ್ತು ಮರಣ ದಿನಾಂಕ ದಾಖಲಿಸಲು ಈ ನ್ಯಾಯಾಲಯದಲ್ಲಿ ಅರ್ಜಿ ಸಲ್ಲಿಸಿರುತ್ತಾರೆ. ಈ ಬಗ್ಗೆ ಯಾರಿಗಾದರೂ ಆಕ್ಷೇಪಣೆಗಳಿದ್ದಲ್ಲಿ ಮುಂದಿನ ವಿಚಾರಣಾ ದಿನಾಂಕದಂದು ಖುದ್ದಾಗಿ ಅಥವಾ ವಕೀಲರ ಮೂಲಕ ಹಾಜರಾಗಿ ಆಕ್ಷೇಪಣೆ ಸಲ್ಲಿಸತಕ್ಕದ್ದು. ತಪ್ಪಿದಲ್ಲಿ ಏಕಪಕ್ಷೀಯವಾಗಿ ತೀರ್ಮಾನಿಸಲಾಗುವುದು. ನ್ಯಾಯಾಲಯದ ಮುದ್ರೆ ಮತ್ತು ಸಹಿಯೊಂದಿಗೆ ದಿನಾಂಕ 02-04-25 ರಂದು ನೀಡಲಾಗಿದೆ.
1 ಹನುಮಪ್ಪ ತಂದೆ ಬಸಪ್ಪ ಹೂವಿನಹಡಗಲಿ 12.03.1997
2 ಗಂಗಮ್ಮ ಗಂಡ ಹನುಮಪ್ಪ ಹೂವಿನಹಡಗಲಿ 16.02.1999
ಮೂಲದಾವೆ ಸಂಖ್ಯೆ: 315/2025. ವಾದಿ: ಶ್ರೀ ಬಸವರಾಜ ತಂದೆ ಹನುಮಪ್ಪ, ವಯಸ್ಸು 45 ವರ್ಷ, ಹೂವಿನಹಡಗಲಿ ತಾಲೂಕು. ಪ್ರತಿವಾದಿಗಳು: ಸಾರ್ವಜನಿಕರು. ಸಾರ್ವಜನಿಕ ಪ್ರಕಟಣೆ: ಈ ಮೂಲಕ ಸಾರ್ವಜನಿಕರಿಗೆ ತಿಳಿಸುವುದೇನೆಂದರೆ ಮೇಲ್ಕಂಡ ವಾದಿಯು ತನ್ನ ತಂದೆಯ ಜನನ ಮತ್ತು ಮರಣ ದಿನಾಂಕ ದಾಖಲಿಸಲು ಈ ನ್ಯಾಯಾಲಯದಲ್ಲಿ ಅರ್ಜಿ ಸಲ್ಲಿಸಿರುತ್ತಾರೆ. ಈ ಬಗ್ಗೆ ಯಾರಿಗಾದರೂ ಆಕ್ಷೇಪಣೆಗಳಿದ್ದಲ್ಲಿ ಮುಂದಿನ ವಿಚಾರಣಾ ದಿನಾಂಕದಂದು ಖುದ್ದಾಗಿ ಅಥವಾ ವಕೀಲರ ಮೂಲಕ ಹಾಜರಾಗಿ ಆಕ್ಷೇಪಣೆ ಸಲ್ಲಿಸತಕ್ಕದ್ದು. ತಪ್ಪಿದಲ್ಲಿ ಏಕಪಕ್ಷೀಯವಾಗಿ ತೀರ್ಮಾನಿಸಲಾಗುವುದು. ನ್ಯಾಯಾಲಯದ ಮುದ್ರೆ ಮತ್ತು ಸಹಿಯೊಂದಿಗೆ ದಿನಾಂಕ 02-04-25 ರಂದು ನೀಡಲಾಗಿದೆ.
ಹಿರಿಯ ಸಿವಿಲ್ ನ್ಯಾಯಾಧೀಶರು, ಜೆ.ಎಂ.ಎಫ್.ಸಿ ನ್ಯಾಯಾಲಯ, ಹೂವಿನಹಡಗಲಿ
